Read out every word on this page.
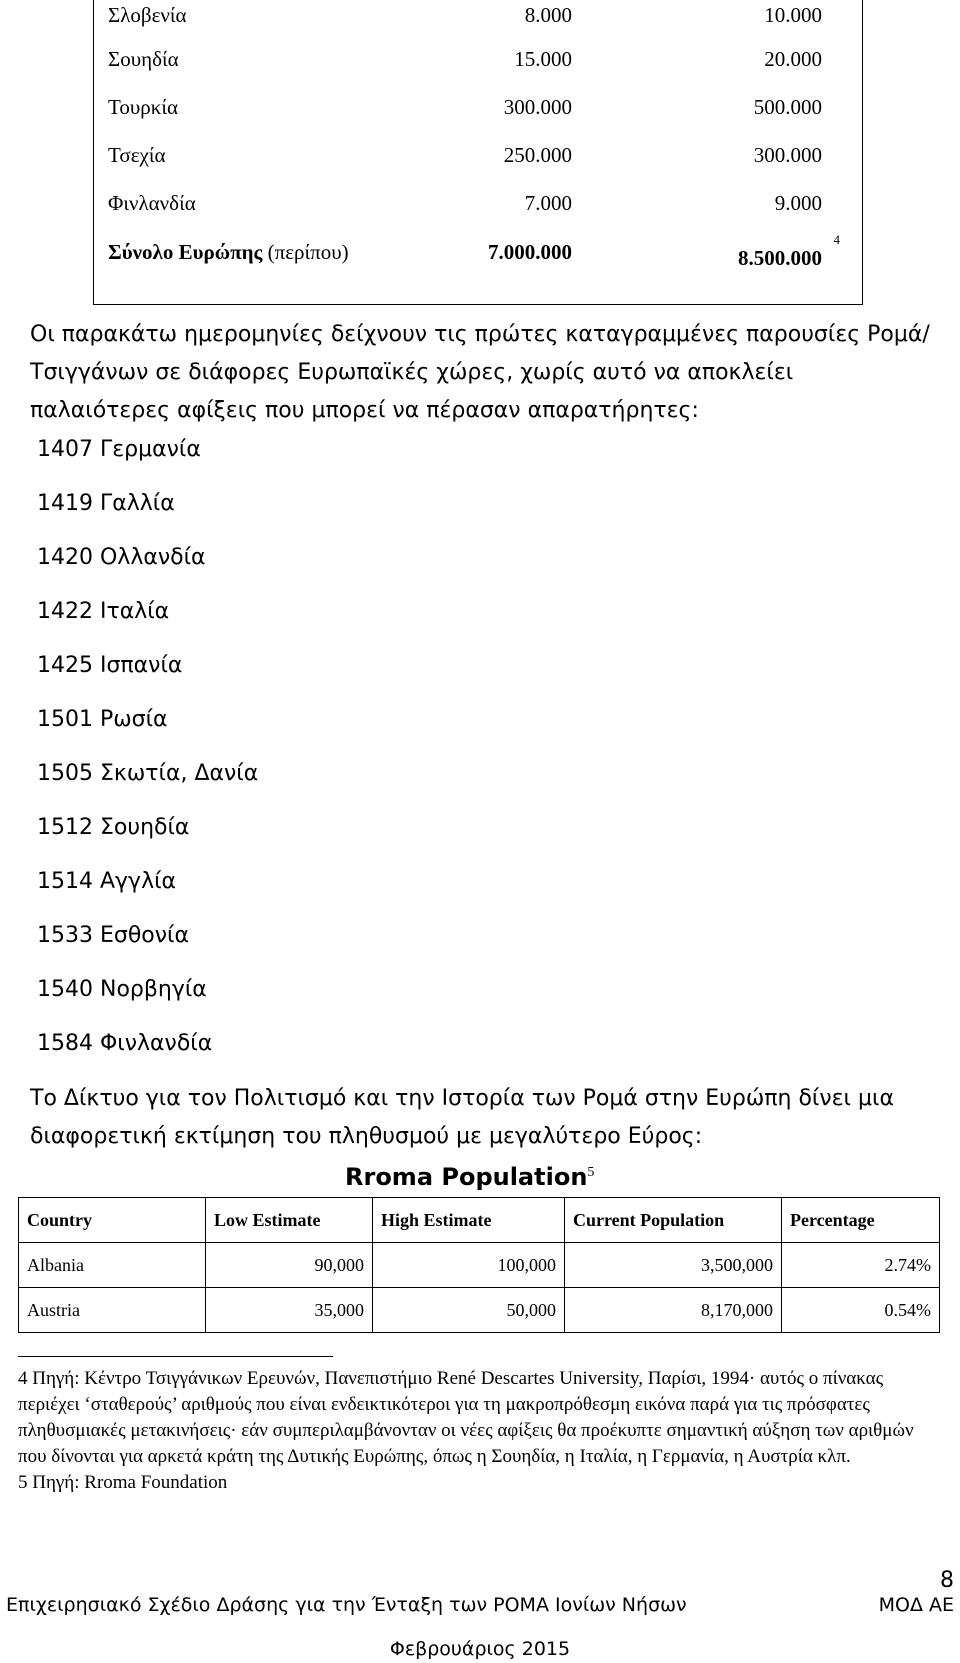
Σλοβενία	8.000	10.000
Σουηδία	15.000	20.000
Τουρκία	300.000	500.000
Τσεχία	250.000	300.000
Φινλανδία	7.000	9.000
Σύνολο Ευρώπης (περίπου)	7.000.000	8.500.000
4
Οι παρακάτω ημερομηνίες δείχνουν τις πρώτες καταγραμμένες παρουσίες Ρομά/Τσιγγάνων σε διάφορες Ευρωπαϊκές χώρες, χωρίς αυτό να αποκλείει παλαιότερες αφίξεις που μπορεί να πέρασαν απαρατήρητες:
1407 Γερμανία
1419 Γαλλία
1420 Ολλανδία
1422 Ιταλία
1425 Ισπανία
1501 Ρωσία
1505 Σκωτία, Δανία
1512 Σουηδία
1514 Αγγλία
1533 Εσθονία
1540 Νορβηγία
1584 Φινλανδία
Το Δίκτυο για τον Πολιτισμό και την Ιστορία των Ρομά στην Ευρώπη δίνει μια διαφορετική εκτίμηση του πληθυσμού με μεγαλύτερο Εύρος:
Rroma Population$^5$
Country	Low Estimate	High Estimate	Current Population	Percentage
Albania	90,000	100,000	3,500,000	2.74%
Austria	35,000	50,000	8,170,000	0.54%

4 Πηγή: Κέντρο Τσιγγάνικων Ερευνών, Πανεπιστήμιο René Descartes University, Παρίσι, 1994· αυτός ο πίνακας περιέχει ‘σταθερούς’ αριθμούς που είναι ενδεικτικότεροι για τη μακροπρόθεσμη εικόνα παρά για τις πρόσφατες πληθυσμιακές μετακινήσεις· εάν συμπεριλαμβάνονταν οι νέες αφίξεις θα προέκυπτε σημαντική αύξηση των αριθμών που δίνονται για αρκετά κράτη της Δυτικής Ευρώπης, όπως η Σουηδία, η Ιταλία, η Γερμανία, η Αυστρία κλπ.

5 Πηγή: Rroma Foundation

8
Επιχειρησιακό Σχέδιο Δράσης για την Ένταξη των ΡΟΜΑ Ιονίων Νήσων	ΜΟΔ ΑΕ
Φεβρουάριος 2015
